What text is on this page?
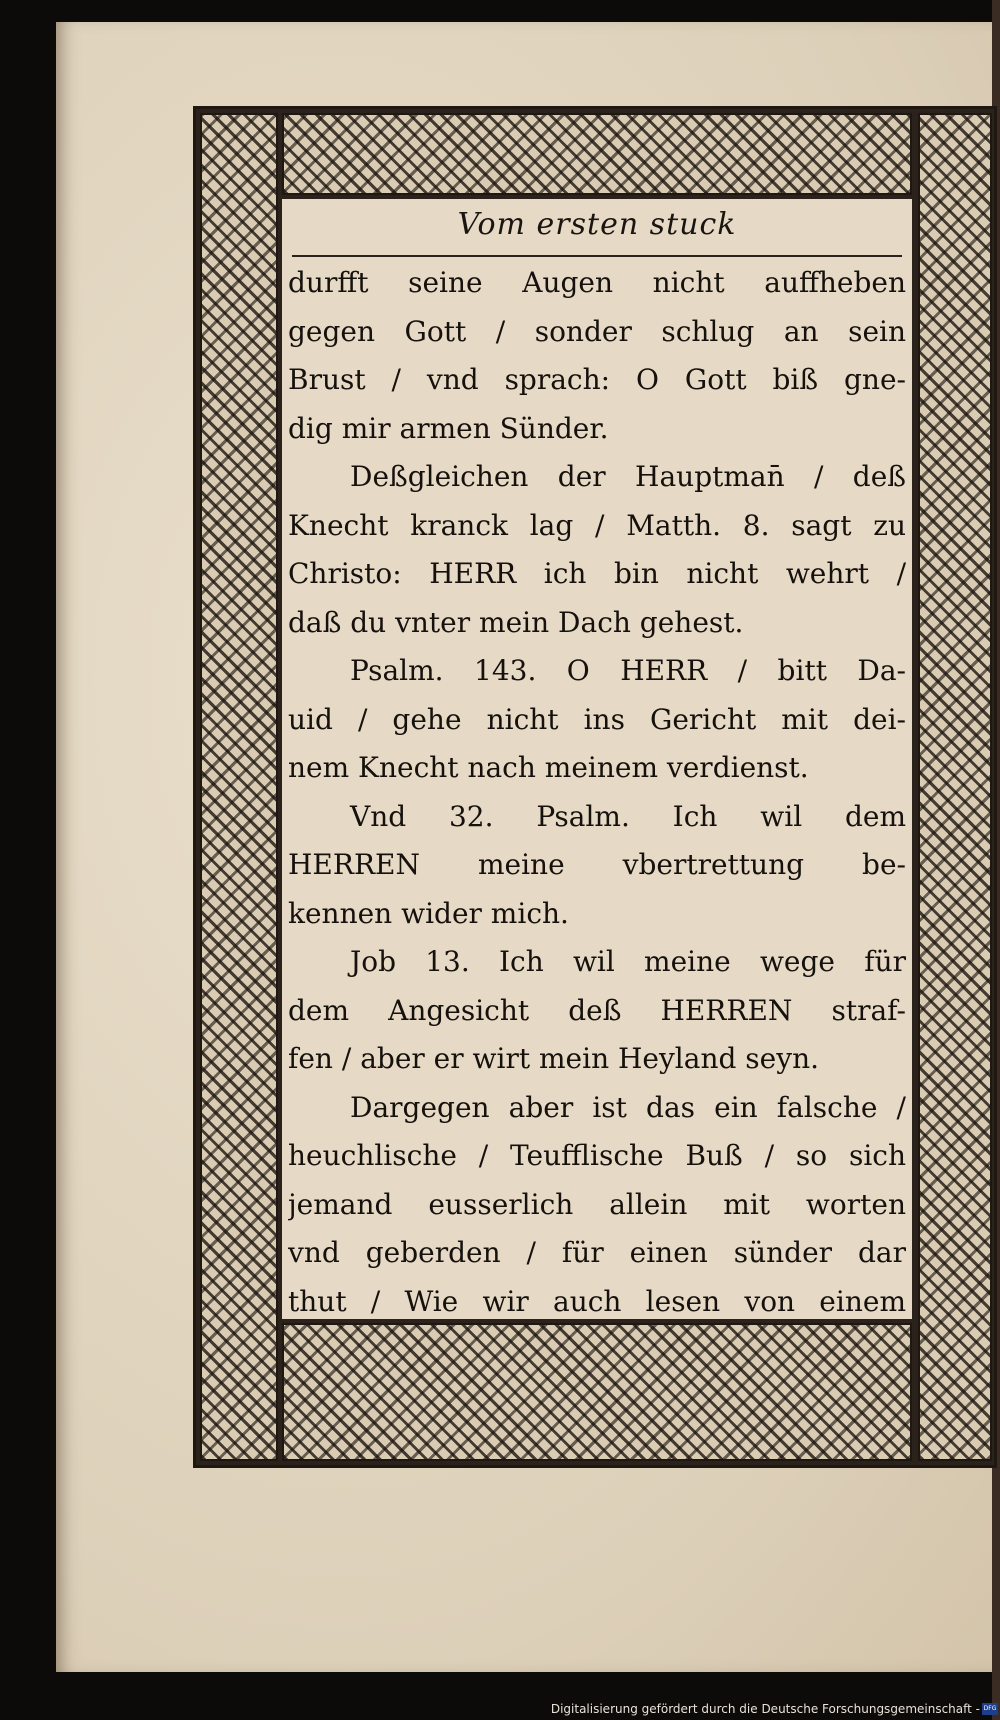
Vom ersten stuck
durfft seine Augen nicht auffheben
gegen Gott / sonder schlug an sein
Brust / vnd sprach: O Gott biß gne-
dig mir armen Sünder.
Deßgleichen der Hauptman̄ / deß
Knecht kranck lag / Matth. 8. sagt zu
Christo: HERR ich bin nicht wehrt /
daß du vnter mein Dach gehest.
Psalm. 143. O HERR / bitt Da-
uid / gehe nicht ins Gericht mit dei-
nem Knecht nach meinem verdienst.
Vnd 32. Psalm. Ich wil dem
HERREN meine vbertrettung be-
kennen wider mich.
Job 13. Ich wil meine wege für
dem Angesicht deß HERREN straf-
fen / aber er wirt mein Heyland seyn.
Dargegen aber ist das ein falsche /
heuchlische / Teufflische Buß / so sich
jemand eusserlich allein mit worten
vnd geberden / für einen sünder dar
thut / Wie wir auch lesen von einem
Digitalisierung gefördert durch die Deutsche Forschungsgemeinschaft - DFG
